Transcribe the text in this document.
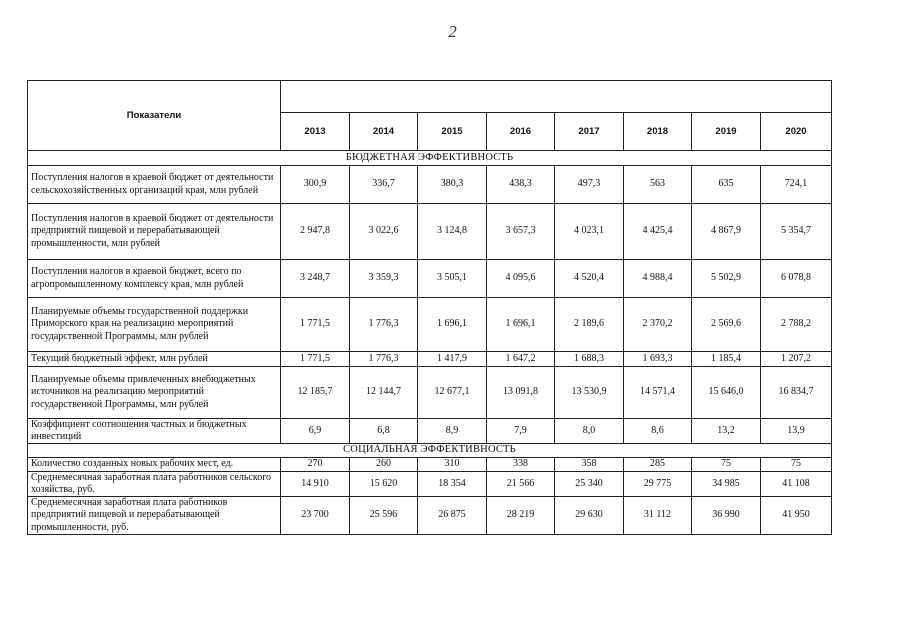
2
Показатели								
	2013	2014	2015	2016	2017	2018	2019	2020
БЮДЖЕТНАЯ ЭФФЕКТИВНОСТЬ								
Поступления налогов в краевой бюджет от деятельности сельскохозяйственных организаций края, млн рублей	300,9	336,7	380,3	438,3	497,3	563	635	724,1
Поступления налогов в краевой бюджет от деятельности предприятий пищевой и перерабатывающей промышленности, млн рублей	2 947,8	3 022,6	3 124,8	3 657,3	4 023,1	4 425,4	4 867,9	5 354,7
Поступления налогов в краевой бюджет, всего по агропромышленному комплексу края, млн рублей	3 248,7	3 359,3	3 505,1	4 095,6	4 520,4	4 988,4	5 502,9	6 078,8
Планируемые объемы государственной поддержки Приморского края на реализацию мероприятий государственной Программы, млн рублей	1 771,5	1 776,3	1 696,1	1 696,1	2 189,6	2 370,2	2 569,6	2 788,2
Текущий бюджетный эффект, млн рублей	1 771,5	1 776,3	1 417,9	1 647,2	1 688,3	1 693,3	1 185,4	1 207,2
Планируемые объемы привлеченных внебюджетных источников на реализацию мероприятий государственной Программы, млн рублей	12 185,7	12 144,7	12 677,1	13 091,8	13 530,9	14 571,4	15 646,0	16 834,7
Коэффициент соотношения частных и бюджетных инвестиций	6,9	6,8	8,9	7,9	8,0	8,6	13,2	13,9
СОЦИАЛЬНАЯ ЭФФЕКТИВНОСТЬ								
Количество созданных новых рабочих мест, ед.	270	260	310	338	358	285	75	75
Среднемесячная заработная плата работников сельского хозяйства, руб.	14 910	15 620	18 354	21 566	25 340	29 775	34 985	41 108
Среднемесячная заработная плата работников предприятий пищевой и перерабатывающей промышленности, руб.	23 700	25 596	26 875	28 219	29 630	31 112	36 990	41 950
